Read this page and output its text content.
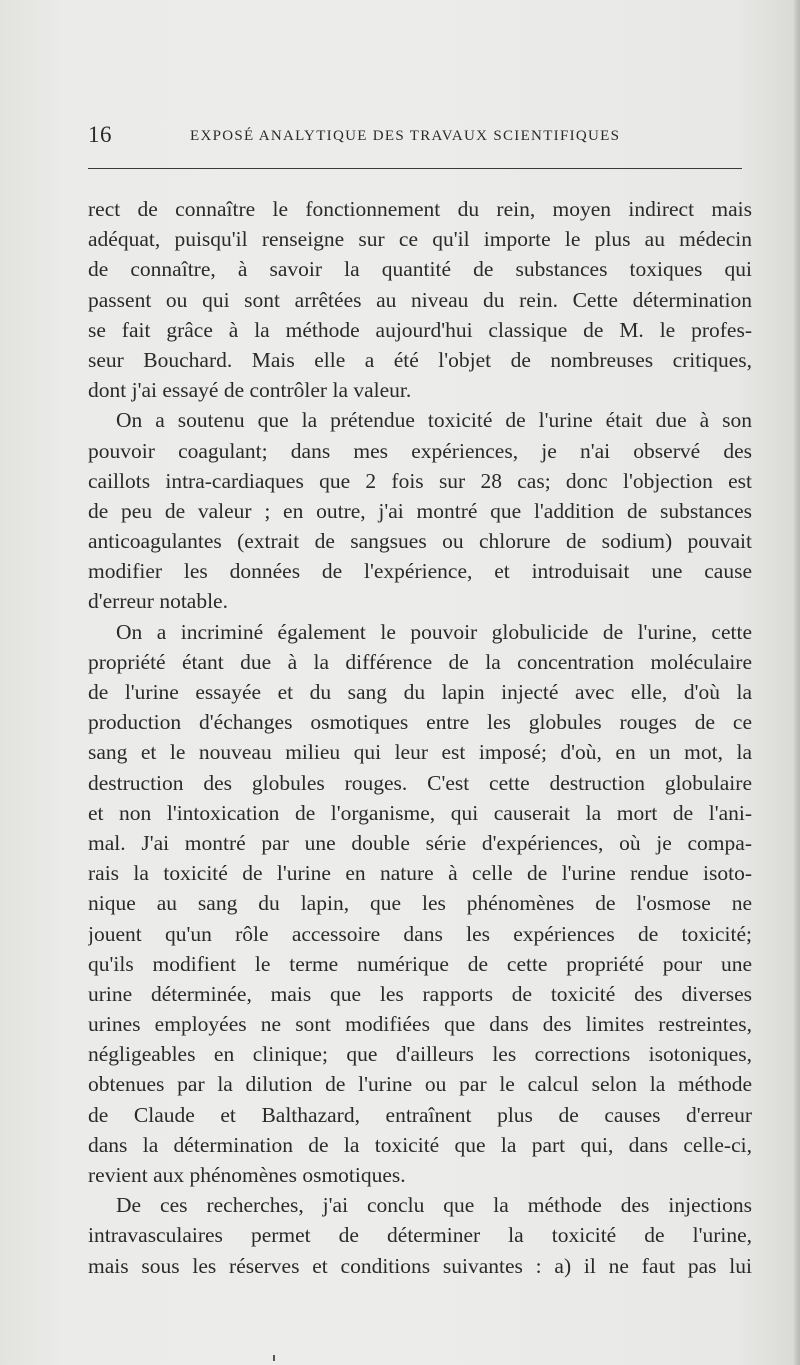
16	EXPOSÉ ANALYTIQUE DES TRAVAUX SCIENTIFIQUES
rect de connaître le fonctionnement du rein, moyen indirect mais
adéquat, puisqu'il renseigne sur ce qu'il importe le plus au médecin
de connaître, à savoir la quantité de substances toxiques qui
passent ou qui sont arrêtées au niveau du rein. Cette détermination
se fait grâce à la méthode aujourd'hui classique de M. le profes-
seur Bouchard. Mais elle a été l'objet de nombreuses critiques,
dont j'ai essayé de contrôler la valeur.
On a soutenu que la prétendue toxicité de l'urine était due à son
pouvoir coagulant; dans mes expériences, je n'ai observé des
caillots intra-cardiaques que 2 fois sur 28 cas; donc l'objection est
de peu de valeur ; en outre, j'ai montré que l'addition de substances
anticoagulantes (extrait de sangsues ou chlorure de sodium) pouvait
modifier les données de l'expérience, et introduisait une cause
d'erreur notable.
On a incriminé également le pouvoir globulicide de l'urine, cette
propriété étant due à la différence de la concentration moléculaire
de l'urine essayée et du sang du lapin injecté avec elle, d'où la
production d'échanges osmotiques entre les globules rouges de ce
sang et le nouveau milieu qui leur est imposé; d'où, en un mot, la
destruction des globules rouges. C'est cette destruction globulaire
et non l'intoxication de l'organisme, qui causerait la mort de l'ani-
mal. J'ai montré par une double série d'expériences, où je compa-
rais la toxicité de l'urine en nature à celle de l'urine rendue isoto-
nique au sang du lapin, que les phénomènes de l'osmose ne
jouent qu'un rôle accessoire dans les expériences de toxicité;
qu'ils modifient le terme numérique de cette propriété pour une
urine déterminée, mais que les rapports de toxicité des diverses
urines employées ne sont modifiées que dans des limites restreintes,
négligeables en clinique; que d'ailleurs les corrections isotoniques,
obtenues par la dilution de l'urine ou par le calcul selon la méthode
de Claude et Balthazard, entraînent plus de causes d'erreur
dans la détermination de la toxicité que la part qui, dans celle-ci,
revient aux phénomènes osmotiques.
De ces recherches, j'ai conclu que la méthode des injections
intravasculaires permet de déterminer la toxicité de l'urine,
mais sous les réserves et conditions suivantes : a) il ne faut pas lui
